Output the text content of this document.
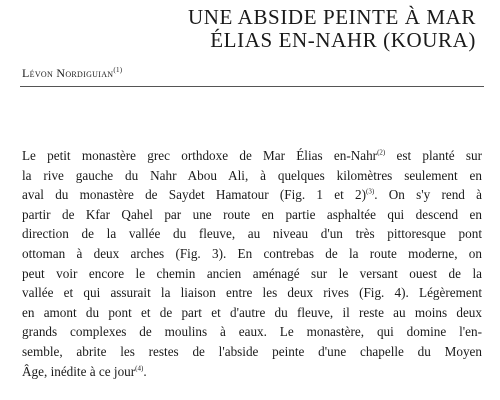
UNE ABSIDE PEINTE À MAR
ÉLIAS EN-NAHR (KOURA)
Lévon Nordiguian$^{(1)}$
Le petit monastère grec orthdoxe de Mar Élias en-Nahr$^{(2)}$ est planté sur
la rive gauche du Nahr Abou Ali, à quelques kilomètres seulement en
aval du monastère de Saydet Hamatour (Fig. 1 et 2)$^{(3)}$. On s'y rend à
partir de Kfar Qahel par une route en partie asphaltée qui descend en
direction de la vallée du fleuve, au niveau d'un très pittoresque pont
ottoman à deux arches (Fig. 3). En contrebas de la route moderne, on
peut voir encore le chemin ancien aménagé sur le versant ouest de la
vallée et qui assurait la liaison entre les deux rives (Fig. 4). Légèrement
en amont du pont et de part et d'autre du fleuve, il reste au moins deux
grands complexes de moulins à eaux. Le monastère, qui domine l'en-
semble, abrite les restes de l'abside peinte d'une chapelle du Moyen
Âge, inédite à ce jour$^{(4)}$.
